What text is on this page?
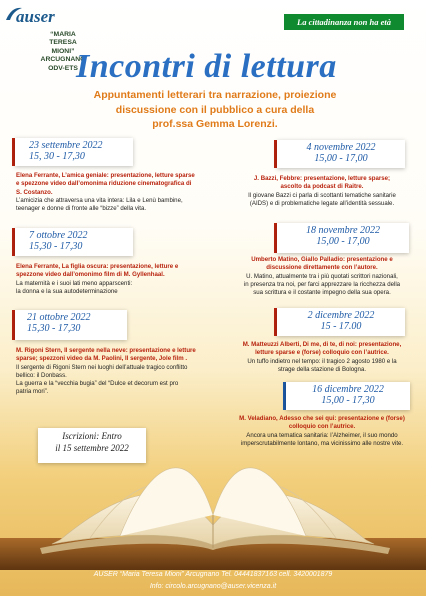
auser
“MARIA
TERESA
MIONI”
ARCUGNANO
ODV-ETS
La cittadinanza non ha età
Incontri di lettura
Appuntamenti letterari tra narrazione, proiezione
discussione con il pubblico a cura della
prof.ssa Gemma Lorenzi.
23 settembre 2022
15, 30 - 17,30
Elena Ferrante, L’amica geniale: presentazione, letture sparse
e spezzone video dall’omonima riduzione cinematografica di
S. Costanzo.
L’amicizia che attraversa una vita intera: Lila e Lenù bambine,
teenager e donne di fronte alle “bizze” della vita.
7 ottobre 2022
15,30 - 17,30
Elena Ferrante, La figlia oscura: presentazione, letture e
spezzone video dall’omonimo film di M. Gyllenhaal.
La maternità e i suoi lati meno apparscenti:
la donna e la sua autodeterminazione
21 ottobre 2022
15,30 - 17,30
M. Rigoni Stern, Il sergente nella neve: presentazione e letture
sparse; spezzoni video da M. Paolini, Il sergente, Jole film .
Il sergente di Rigoni Stern nei luoghi dell’attuale tragico conflitto
bellico: il Donbass.
La guerra e la “vecchia bugia” del “Dulce et decorum est pro
patria mori”.
4 novembre 2022
15,00 - 17,00
J. Bazzi, Febbre: presentazione, letture sparse;
ascolto da podcast di Raitre.
Il giovane Bazzi ci parla di scottanti tematiche sanitarie
(AIDS) e di problematiche legate all’identità sessuale.
18 novembre 2022
15,00 - 17,00
Umberto Matino, Giallo Palladio: presentazione e
discussione direttamente con l’autore.
U. Matino, attualmente tra i più quotati scrittori nazionali,
in presenza tra noi, per farci apprezzare la ricchezza della
sua scrittura e il costante impegno della sua opera.
2 dicembre 2022
15 - 17.00
M. Matteuzzi Alberti, Di me, di te, di noi: presentazione,
letture sparse e (forse) colloquio con l’autrice.
Un tuffo indietro nel tempo: il tragico 2 agosto 1980 e la
strage della stazione di Bologna.
16 dicembre 2022
15,00 - 17,30
M. Veladiano, Adesso che sei qui: presentazione e (forse)
colloquio con l’autrice.
Ancora una tematica sanitaria: l’Alzheimer, il suo mondo
imperscrutabilmente lontano, ma vicinissimo alle nostre vite.
Iscrizioni: Entro
il 15 settembre 2022
AUSER “Maria Teresa Mioni” Arcugnano Tel. 04441837163 cell. 3420001879
Info: circolo.arcugnano@auser.vicenza.it
